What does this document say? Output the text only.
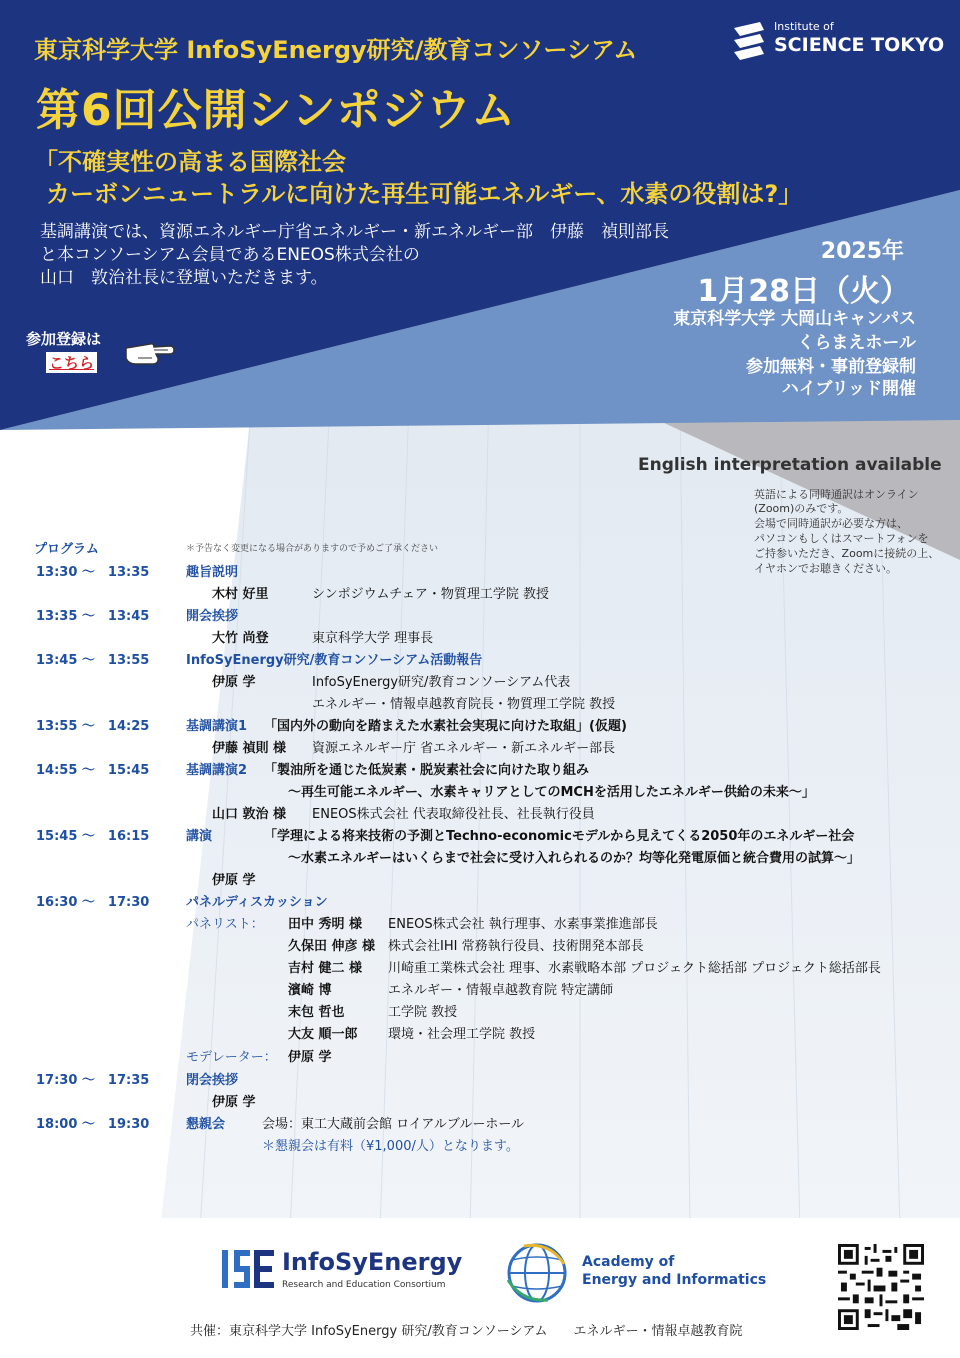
Institute of
SCIENCE TOKYO
東京科学大学 InfoSyEnergy研究/教育コンソーシアム
第6回公開シンポジウム
「不確実性の高まる国際社会
カーボンニュートラルに向けた再生可能エネルギー、水素の役割は?」
基調講演では、資源エネルギー庁省エネルギー・新エネルギー部　伊藤　禎則部長
と本コンソーシアム会員であるENEOS株式会社の
山口　敦治社長に登壇いただきます。
2025年
1月28日（火）
東京科学大学 大岡山キャンパス
くらまえホール
参加無料・事前登録制
ハイブリッド開催
参加登録は
こちら
English interpretation available
英語による同時通訳はオンライン
(Zoom)のみです。
会場で同時通訳が必要な方は、
パソコンもしくはスマートフォンを
ご持参いただき、Zoomに接続の上、
イヤホンでお聴きください。
プログラム	＊予告なく変更になる場合がありますので予めご了承ください
13:30 ～　13:35	趣旨説明
木村 好里	シンポジウムチェア・物質理工学院 教授
13:35 ～　13:45	開会挨拶
大竹 尚登	東京科学大学 理事長
13:45 ～　13:55	InfoSyEnergy研究/教育コンソーシアム活動報告
伊原 学	InfoSyEnergy研究/教育コンソーシアム代表
エネルギー・情報卓越教育院長・物質理工学院 教授
13:55 ～　14:25	基調講演1 「国内外の動向を踏まえた水素社会実現に向けた取組」(仮題)
伊藤 禎則 様 資源エネルギー庁 省エネルギー・新エネルギー部長
14:55 ～　15:45	基調講演2 「製油所を通じた低炭素・脱炭素社会に向けた取り組み
～再生可能エネルギー、水素キャリアとしてのMCHを活用したエネルギー供給の未来～」
山口 敦治 様 ENEOS株式会社 代表取締役社長、社長執行役員
15:45 ～　16:15	講演	「学理による将来技術の予測とTechno-economicモデルから見えてくる2050年のエネルギー社会
～水素エネルギーはいくらまで社会に受け入れられるのか？均等化発電原価と統合費用の試算～」
伊原 学
16:30 ～　17:30	パネルディスカッション
パネリスト： 田中 秀明 様 ENEOS株式会社 執行理事、水素事業推進部長
久保田 伸彦 様 株式会社IHI 常務執行役員、技術開発本部長
吉村 健二 様 川崎重工業株式会社 理事、水素戦略本部 プロジェクト総括部 プロジェクト総括部長
濱崎 博	エネルギー・情報卓越教育院 特定講師
末包 哲也	工学院 教授
大友 順一郎 環境・社会理工学院 教授
モデレーター： 伊原 学
17:30 ～　17:35	閉会挨拶
伊原 学
18:00 ～　19:30	懇親会	会場：東工大蔵前会館 ロイアルブルーホール
＊懇親会は有料（¥1,000/人）となります。
InfoSyEnergy
Research and Education Consortium
Academy of
Energy and Informatics
共催：東京科学大学 InfoSyEnergy 研究/教育コンソーシアム　　エネルギー・情報卓越教育院
